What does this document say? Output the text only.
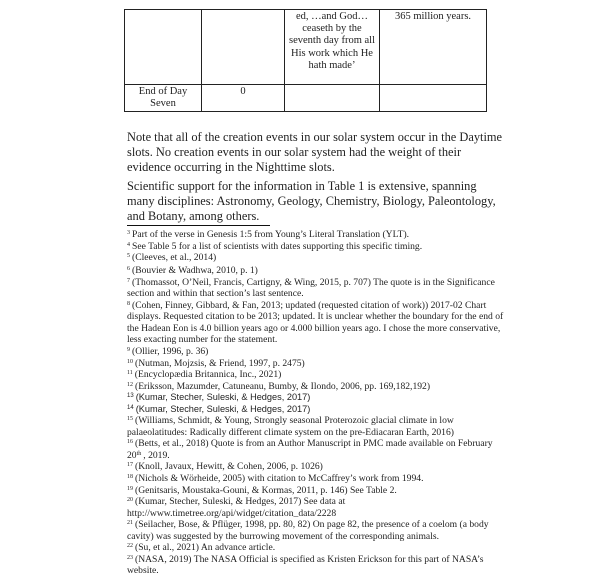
		ed, …and God…ceaseth by the seventh day from all His work which He hath made’	365 million years.
End of Day Seven	0		

Note that all of the creation events in our solar system occur in the Daytime slots. No creation events in our solar system had the weight of their evidence occurring in the Nighttime slots.

Scientific support for the information in Table 1 is extensive, spanning many disciplines: Astronomy, Geology, Chemistry, Biology, Paleontology, and Botany, among others.

$^3$ Part of the verse in Genesis 1:5 from Young’s Literal Translation (YLT).

$^4$ See Table 5 for a list of scientists with dates supporting this specific timing.

$^5$ (Cleeves, et al., 2014)

$^6$ (Bouvier & Wadhwa, 2010, p. 1)

$^7$ (Thomassot, O’Neil, Francis, Cartigny, & Wing, 2015, p. 707) The quote is in the Significance section and within that section’s last sentence.

$^8$ (Cohen, Finney, Gibbard, & Fan, 2013; updated (requested citation of work)) 2017-02 Chart displays. Requested citation to be 2013; updated. It is unclear whether the boundary for the end of the Hadean Eon is 4.0 billion years ago or 4.000 billion years ago. I chose the more conservative, less exacting number for the statement.

$^9$ (Ollier, 1996, p. 36)

$^{10}$ (Nutman, Mojzsis, & Friend, 1997, p. 2475)

$^{11}$ (Encyclopædia Britannica, Inc., 2021)

$^{12}$ (Eriksson, Mazumder, Catuneanu, Bumby, & Ilondo, 2006, pp. 169,182,192)

$^{13}$ (Kumar, Stecher, Suleski, & Hedges, 2017)

$^{14}$ (Kumar, Stecher, Suleski, & Hedges, 2017)

$^{15}$ (Williams, Schmidt, & Young, Strongly seasonal Proterozoic glacial climate in low palaeolatitudes: Radically different climate system on the pre-Ediacaran Earth, 2016)

$^{16}$ (Betts, et al., 2018) Quote is from an Author Manuscript in PMC made available on February 20th , 2019.

$^{17}$ (Knoll, Javaux, Hewitt, & Cohen, 2006, p. 1026)

$^{18}$ (Nichols & Wörheide, 2005) with citation to McCaffrey’s work from 1994.

$^{19}$ (Genitsaris, Moustaka-Gouni, & Kormas, 2011, p. 146) See Table 2.

$^{20}$ (Kumar, Stecher, Suleski, & Hedges, 2017) See data at http://www.timetree.org/api/widget/citation_data/2228

$^{21}$ (Seilacher, Bose, & Pflüger, 1998, pp. 80, 82) On page 82, the presence of a coelom (a body cavity) was suggested by the burrowing movement of the corresponding animals.

$^{22}$ (Su, et al., 2021) An advance article.

$^{23}$ (NASA, 2019) The NASA Official is specified as Kristen Erickson for this part of NASA’s website.
